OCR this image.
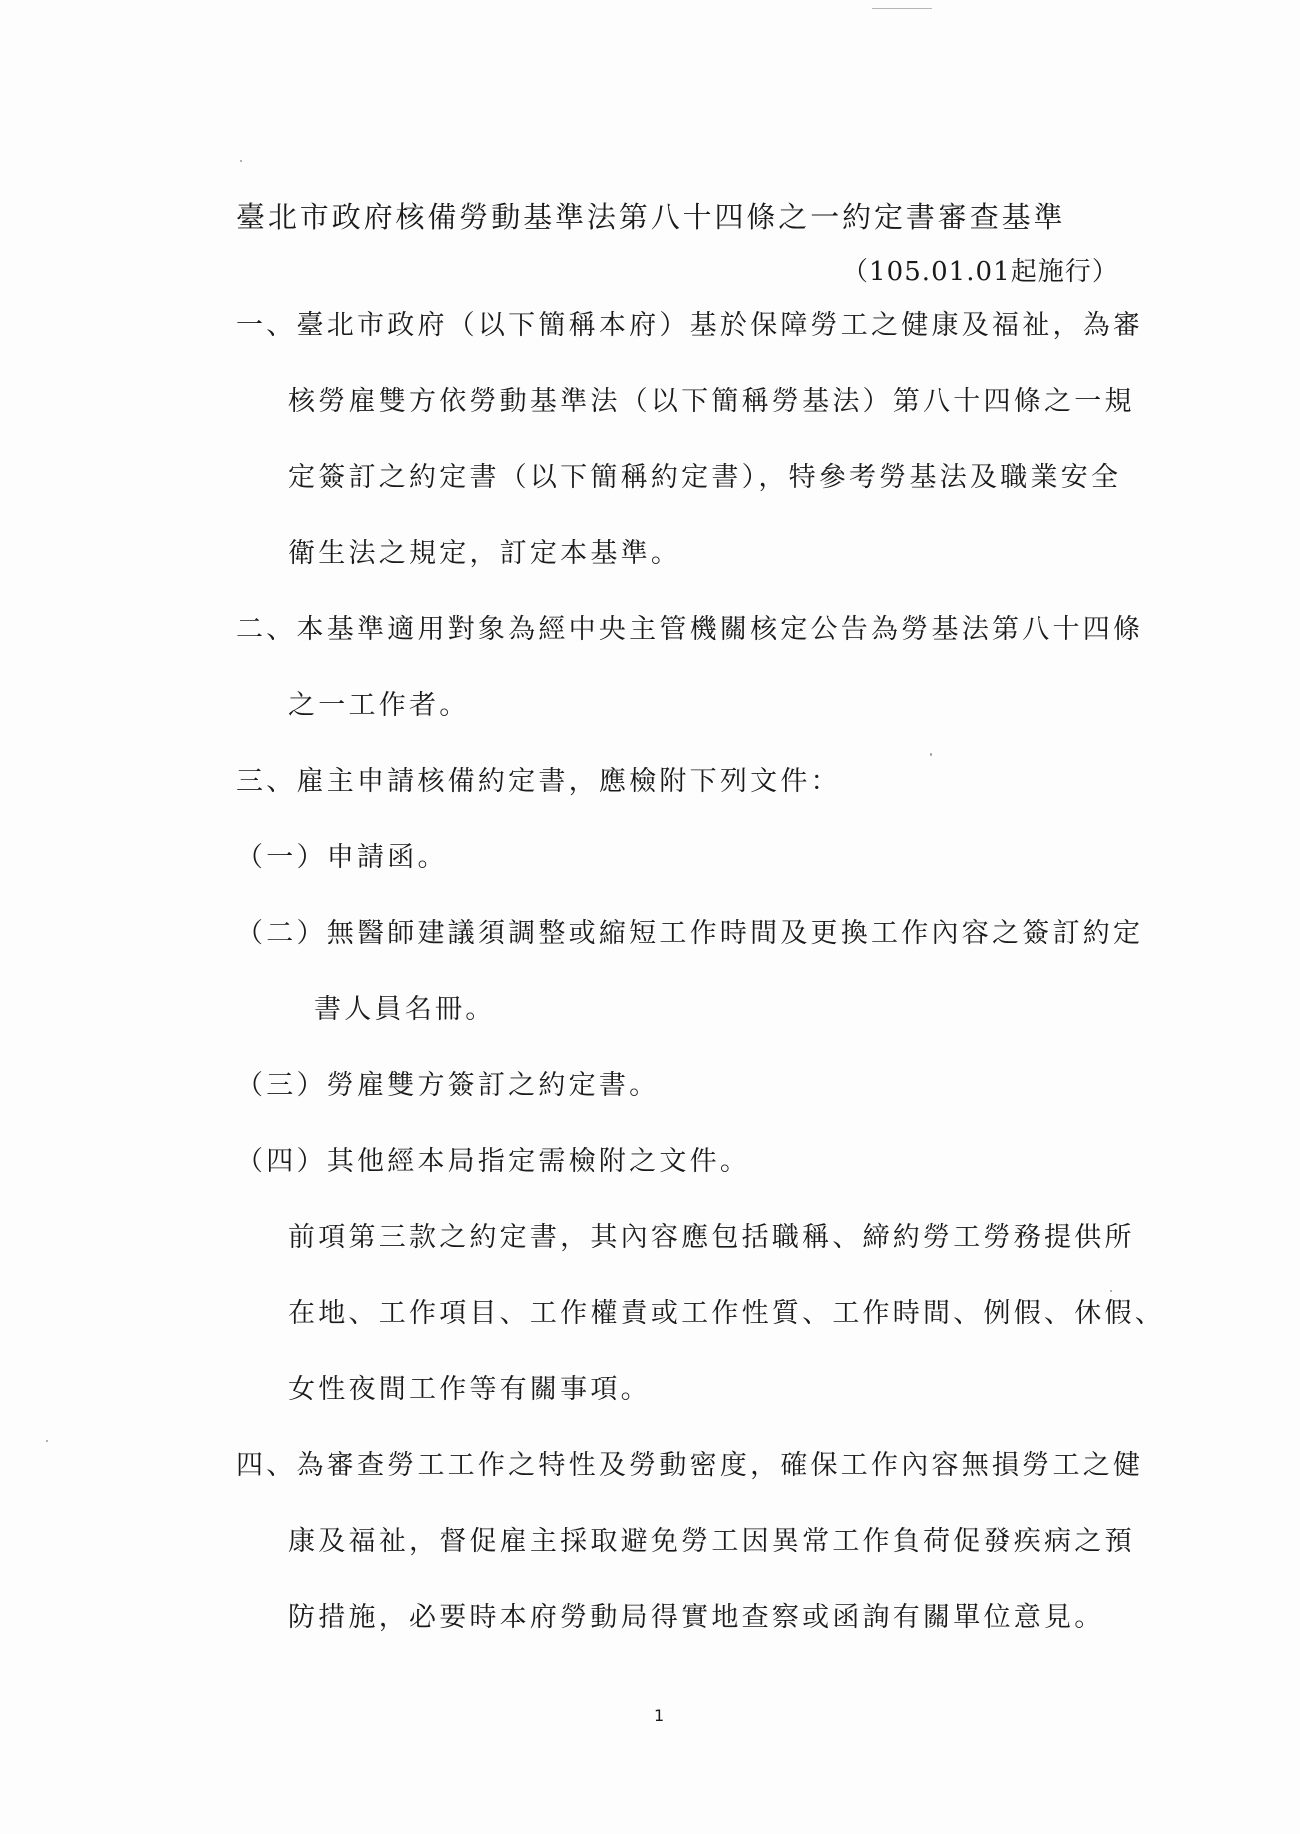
臺北市政府核備勞動基準法第八十四條之一約定書審查基準

（105.01.01起施行）

一、臺北市政府（以下簡稱本府）基於保障勞工之健康及福祉，為審

核勞雇雙方依勞動基準法（以下簡稱勞基法）第八十四條之一規

定簽訂之約定書（以下簡稱約定書），特參考勞基法及職業安全

衛生法之規定，訂定本基準。

二、本基準適用對象為經中央主管機關核定公告為勞基法第八十四條

之一工作者。

三、雇主申請核備約定書，應檢附下列文件：

（一）申請函。

（二）無醫師建議須調整或縮短工作時間及更換工作內容之簽訂約定

書人員名冊。

（三）勞雇雙方簽訂之約定書。

（四）其他經本局指定需檢附之文件。

前項第三款之約定書，其內容應包括職稱、締約勞工勞務提供所

在地、工作項目、工作權責或工作性質、工作時間、例假、休假、

女性夜間工作等有關事項。

四、為審查勞工工作之特性及勞動密度，確保工作內容無損勞工之健

康及福祉，督促雇主採取避免勞工因異常工作負荷促發疾病之預

防措施，必要時本府勞動局得實地查察或函詢有關單位意見。

1
